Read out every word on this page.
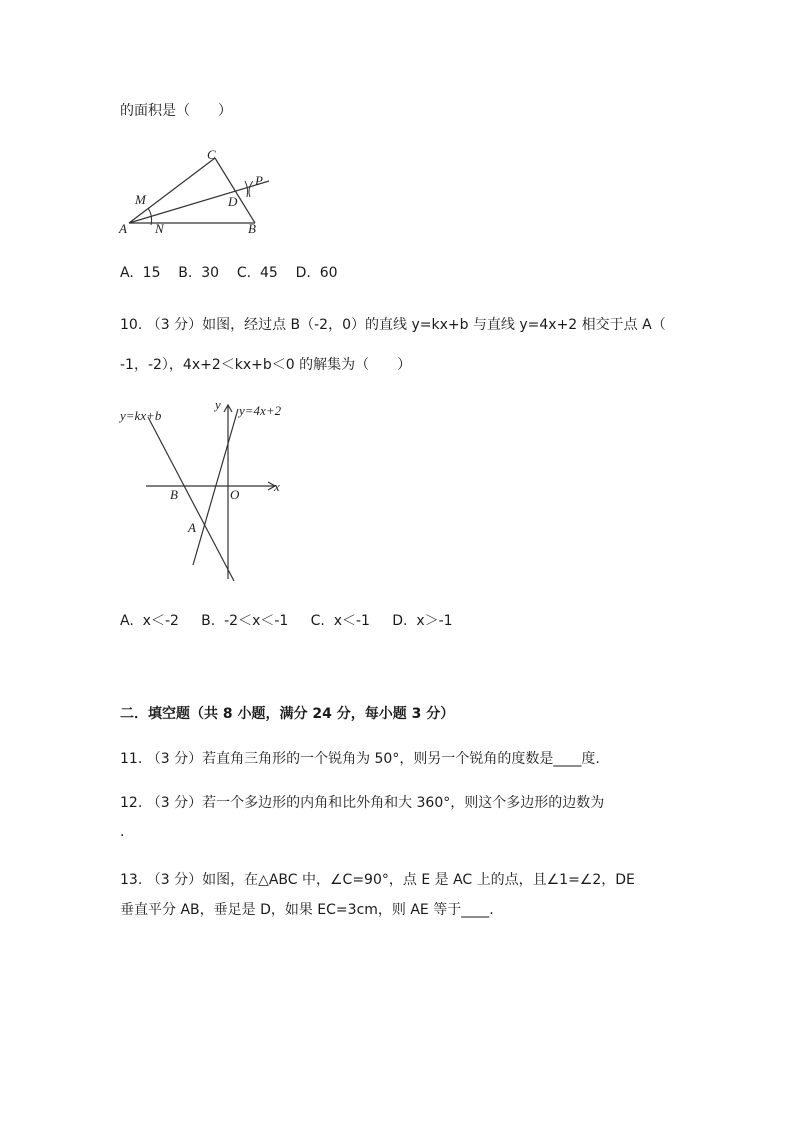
的面积是（　　）
C
P
M	D
A N	B
A.  15    B.  30    C.  45    D.  60
10. （3 分）如图，经过点 B（-2，0）的直线 y=kx+b 与直线 y=4x+2 相交于点 A（
-1，-2），4x+2＜kx+b＜0 的解集为（　　）
y=kx+b	y=4x+2
y
x
B	O
A
A.  x＜-2     B.  -2＜x＜-1     C.  x＜-1     D.  x＞-1
二．填空题（共 8 小题，满分 24 分，每小题 3 分）
11. （3 分）若直角三角形的一个锐角为 50°，则另一个锐角的度数是____度.
12. （3 分）若一个多边形的内角和比外角和大 360°，则这个多边形的边数为
.
13. （3 分）如图，在△ABC 中，∠C=90°，点 E 是 AC 上的点，且∠1=∠2，DE
垂直平分 AB，垂足是 D，如果 EC=3cm，则 AE 等于____.
